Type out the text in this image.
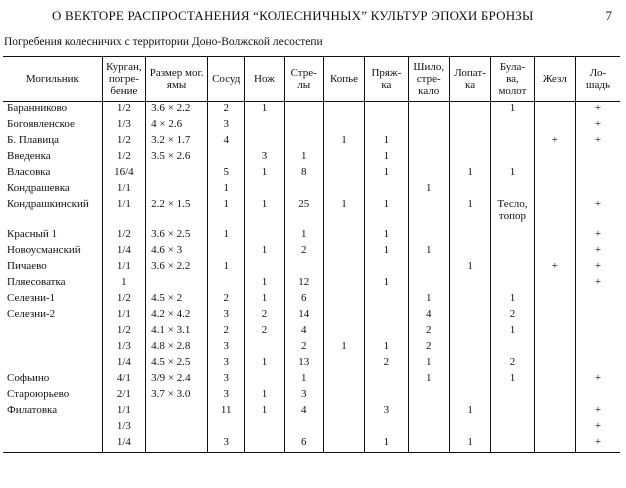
О ВЕКТОРЕ РАСПРОСТАНЕНИЯ “КОЛЕСНИЧНЫХ” КУЛЬТУР ЭПОХИ БРОНЗЫ	7
Погребения колесничих с территории Доно-Волжской лесостепи
Могильник	Курган, погре- бение	Размер мог. ямы	Сосуд	Нож	Стре- лы	Копье	Пряж- ка	Шило, стре- кало	Лопат- ка	Була- ва, молот	Жезл	Ло- шадь
Баранниково	1/2	3.6 × 2.2	2	1						1		+
Богоявленское	1/3	4 × 2.6	3									+
Б. Плавица	1/2	3.2 × 1.7	4			1	1				+	+
Введенка	1/2	3.5 × 2.6		3	1		1					
Власовка	16/4		5	1	8		1		1	1		
Кондрашевка	1/1		1					1				
Кондрашкинский	1/1	2.2 × 1.5	1	1	25	1	1		1	Тесло, топор		+
Красный 1	1/2	3.6 × 2.5	1		1		1					+
Новоусманский	1/4	4.6 × 3		1	2		1	1				+
Пичаево	1/1	3.6 × 2.2	1						1		+	+
Пляесоватка	1			1	12		1					+
Селезни-1	1/2	4.5 × 2	2	1	6			1		1		
Селезни-2	1/1	4.2 × 4.2	3	2	14			4		2		
	1/2	4.1 × 3.1	2	2	4			2		1		
	1/3	4.8 × 2.8	3		2	1	1	2				
	1/4	4.5 × 2.5	3	1	13		2	1		2		
Софьино	4/1	3/9 × 2.4	3		1			1		1		+
Староюрьево	2/1	3.7 × 3.0	3	1	3							
Филатовка	1/1		11	1	4		3		1			+
	1/3											+
	1/4		3		6		1		1			+
